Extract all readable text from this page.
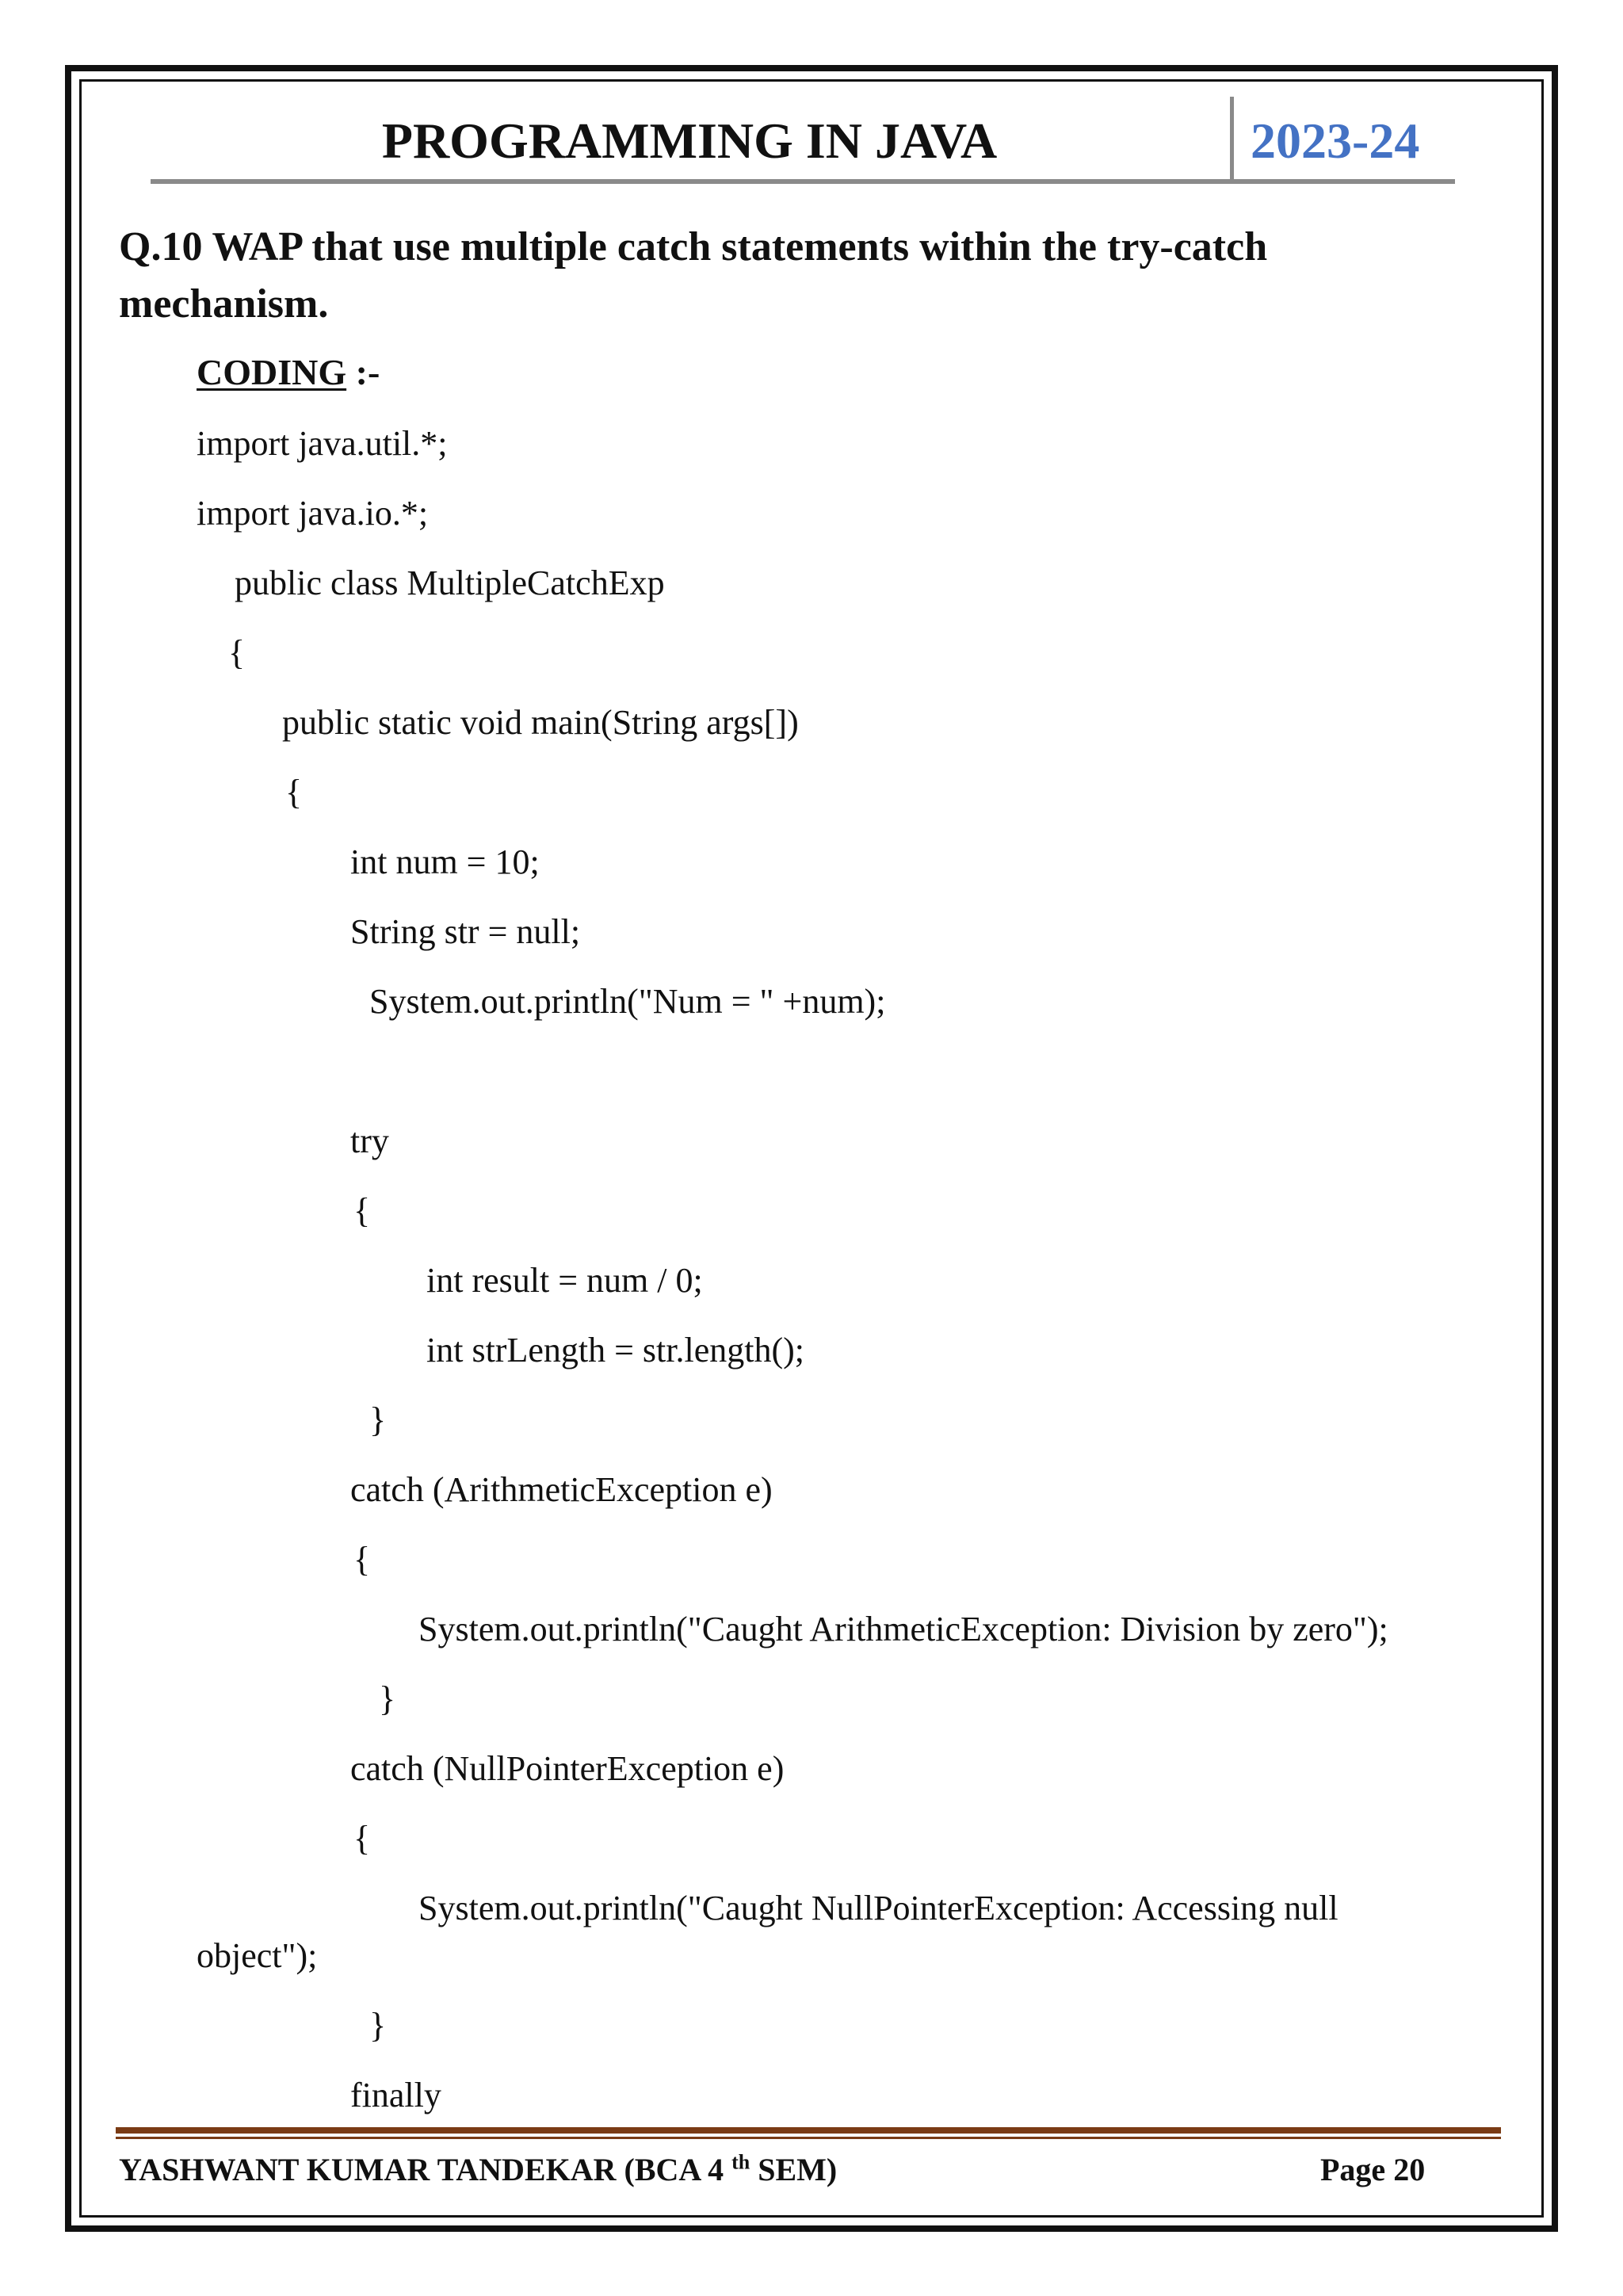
PROGRAMMING IN JAVA	2023-24
Q.10 WAP that use multiple catch statements within the try-catch mechanism.
CODING :-
import java.util.*;
import java.io.*;
public class MultipleCatchExp
{
public static void main(String args[])
{
int num = 10;
String str = null;
System.out.println("Num = " +num);
try
{
int result = num / 0;
int strLength = str.length();
}
catch (ArithmeticException e)
{
System.out.println("Caught ArithmeticException: Division by zero");
}
catch (NullPointerException e)
{
System.out.println("Caught NullPointerException: Accessing null
object");
}
finally
YASHWANT KUMAR TANDEKAR (BCA 4 $^{th}$ SEM)	Page 20
